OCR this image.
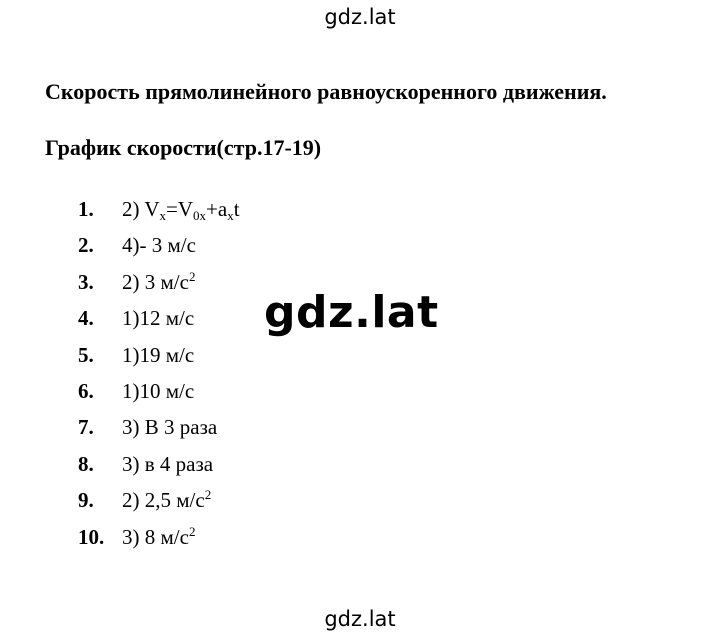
gdz.lat
Скорость прямолинейного равноускоренного движения.
График скорости(стр.17-19)
1. 2) $V_x=V_{0x}+a_xt$
2. 4)- 3 м/с
3. 2) 3 $м/с^2$
4. 1)12 м/с
5. 1)19 м/с
6. 1)10 м/с
7. 3) В 3 раза
8. 3) в 4 раза
9. 2) 2,5 $м/с^2$
10. 3) 8 $м/с^2$
gdz.lat
gdz.lat
